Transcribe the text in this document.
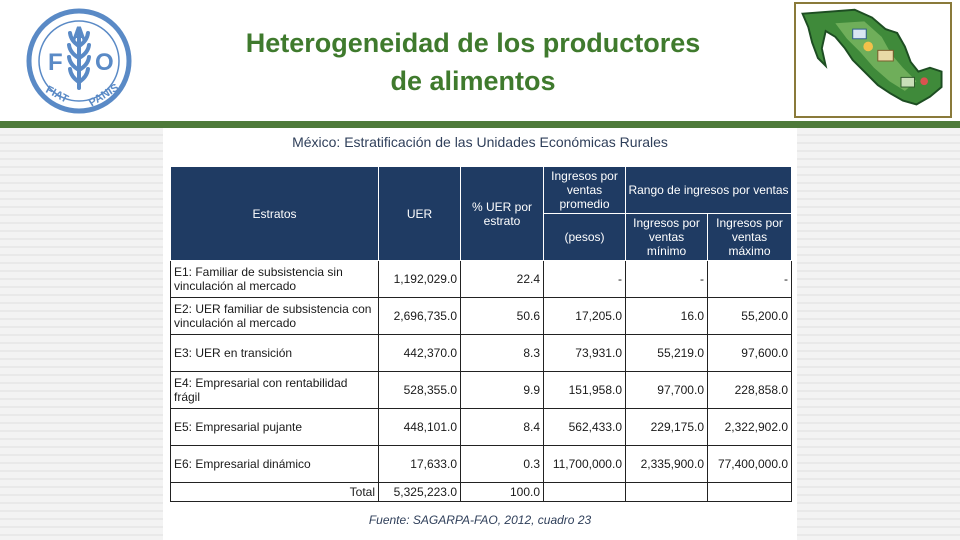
F
A
O
FIAT PANIS
Heterogeneidad de los productores
de alimentos
México: Estratificación de las Unidades Económicas Rurales
Estratos	UER	% UER por estrato	Ingresos por ventas promedio	Rango de ingresos por ventas	
			(pesos)	Ingresos por ventas mínimo	Ingresos por ventas máximo
E1: Familiar de subsistencia sin vinculación al mercado	1,192,029.0	22.4	-	-	-
E2: UER familiar de subsistencia con vinculación al mercado	2,696,735.0	50.6	17,205.0	16.0	55,200.0
E3: UER en transición	442,370.0	8.3	73,931.0	55,219.0	97,600.0
E4: Empresarial con rentabilidad frágil	528,355.0	9.9	151,958.0	97,700.0	228,858.0
E5: Empresarial pujante	448,101.0	8.4	562,433.0	229,175.0	2,322,902.0
E6: Empresarial dinámico	17,633.0	0.3	11,700,000.0	2,335,900.0	77,400,000.0
Total	5,325,223.0	100.0			
Fuente: SAGARPA-FAO, 2012, cuadro 23
